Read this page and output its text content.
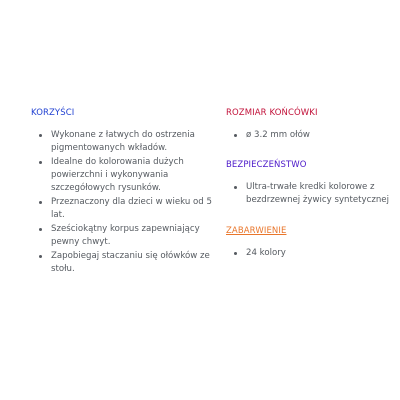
KORZYŚCI
Wykonane z łatwych do ostrzenia pigmentowanych wkładów.
Idealne do kolorowania dużych powierzchni i wykonywania szczegółowych rysunków.
Przeznaczony dla dzieci w wieku od 5 lat.
Sześciokątny korpus zapewniający pewny chwyt.
Zapobiegaj staczaniu się ołówków ze stołu.
ROZMIAR KOŃCÓWKI
ø 3.2 mm ołów
BEZPIECZEŃSTWO
Ultra-trwałe kredki kolorowe z bezdrzewnej żywicy syntetycznej
ZABARWIENIE
24 kolory
